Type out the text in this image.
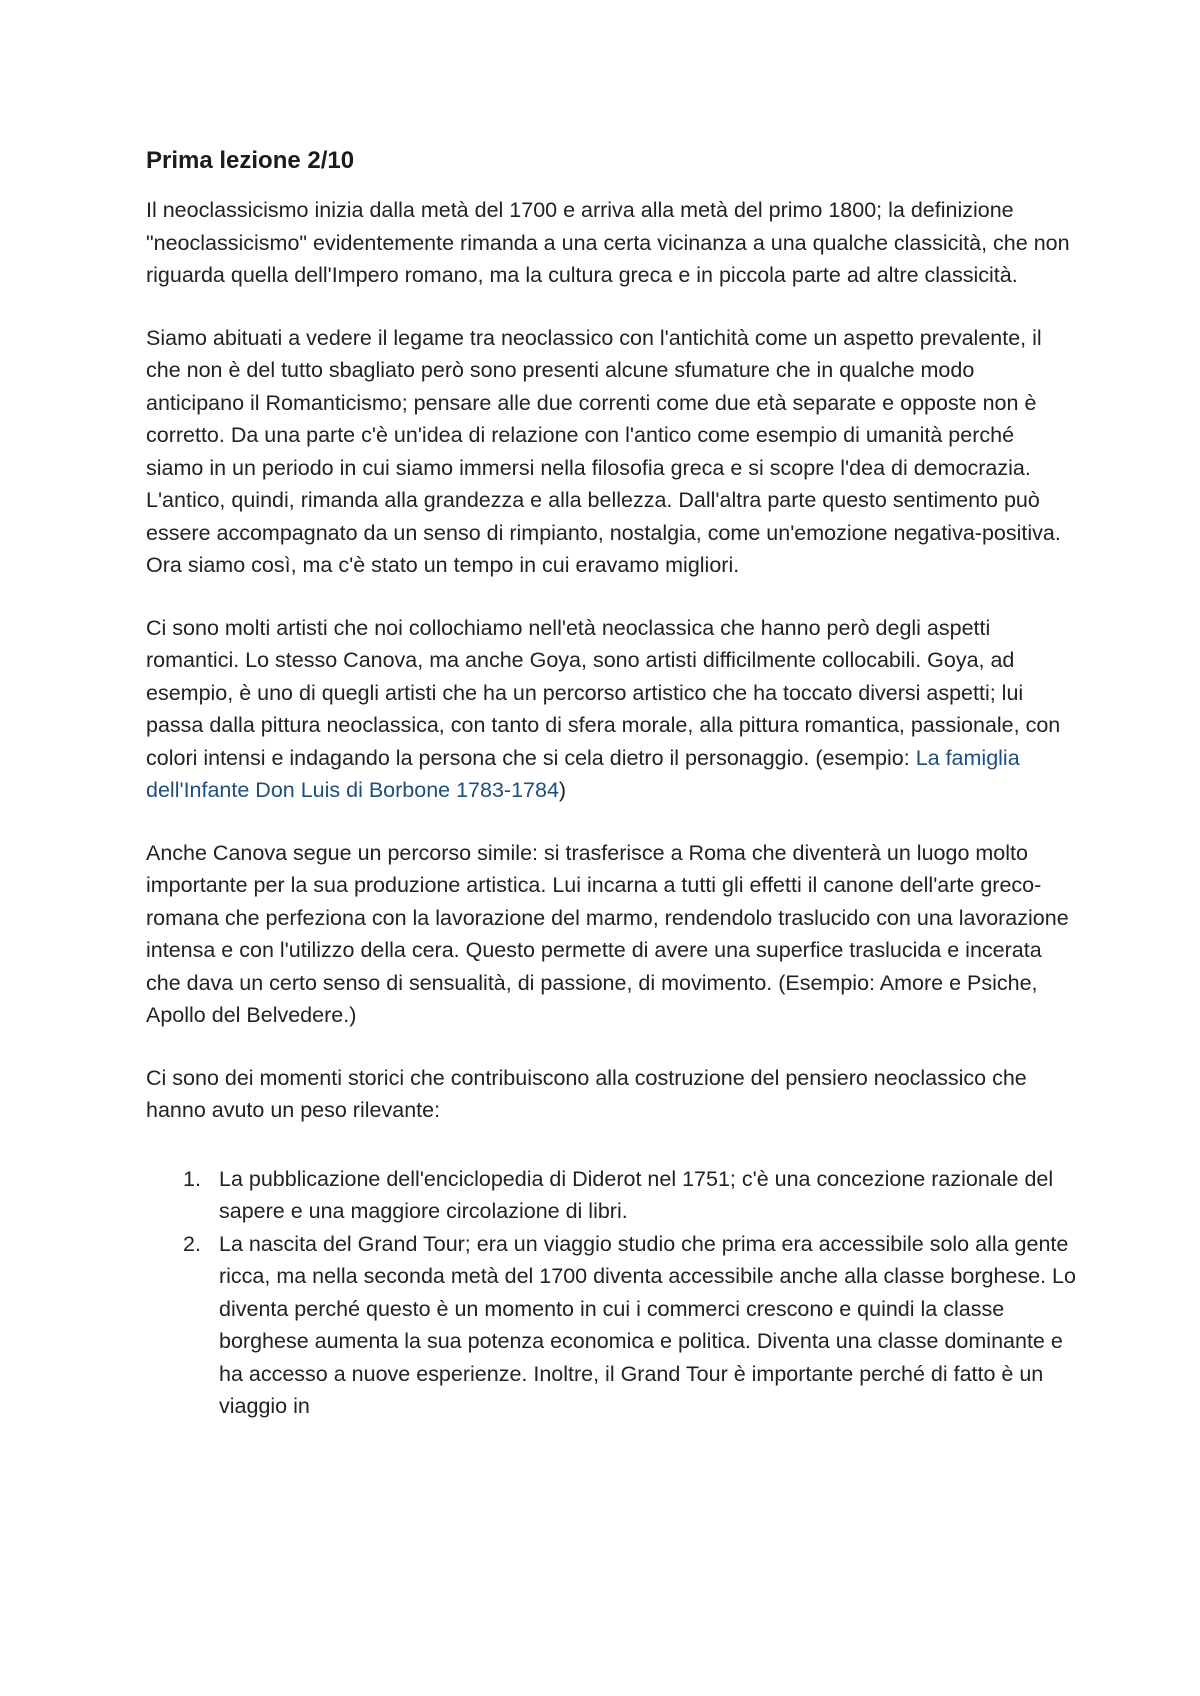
Prima lezione 2/10

Il neoclassicismo inizia dalla metà del 1700 e arriva alla metà del primo 1800; la definizione "neoclassicismo" evidentemente rimanda a una certa vicinanza a una qualche classicità, che non riguarda quella dell'Impero romano, ma la cultura greca e in piccola parte ad altre classicità.

Siamo abituati a vedere il legame tra neoclassico con l'antichità come un aspetto prevalente, il che non è del tutto sbagliato però sono presenti alcune sfumature che in qualche modo anticipano il Romanticismo; pensare alle due correnti come due età separate e opposte non è corretto. Da una parte c'è un'idea di relazione con l'antico come esempio di umanità perché siamo in un periodo in cui siamo immersi nella filosofia greca e si scopre l'dea di democrazia. L'antico, quindi, rimanda alla grandezza e alla bellezza. Dall'altra parte questo sentimento può essere accompagnato da un senso di rimpianto, nostalgia, come un'emozione negativa-positiva. Ora siamo così, ma c'è stato un tempo in cui eravamo migliori.

Ci sono molti artisti che noi collochiamo nell'età neoclassica che hanno però degli aspetti romantici. Lo stesso Canova, ma anche Goya, sono artisti difficilmente collocabili. Goya, ad esempio, è uno di quegli artisti che ha un percorso artistico che ha toccato diversi aspetti; lui passa dalla pittura neoclassica, con tanto di sfera morale, alla pittura romantica, passionale, con colori intensi e indagando la persona che si cela dietro il personaggio. (esempio: La famiglia dell'Infante Don Luis di Borbone 1783-1784)

Anche Canova segue un percorso simile: si trasferisce a Roma che diventerà un luogo molto importante per la sua produzione artistica. Lui incarna a tutti gli effetti il canone dell'arte greco-romana che perfeziona con la lavorazione del marmo, rendendolo traslucido con una lavorazione intensa e con l'utilizzo della cera. Questo permette di avere una superfice traslucida e incerata che dava un certo senso di sensualità, di passione, di movimento. (Esempio: Amore e Psiche, Apollo del Belvedere.)

Ci sono dei momenti storici che contribuiscono alla costruzione del pensiero neoclassico che hanno avuto un peso rilevante:

1. La pubblicazione dell'enciclopedia di Diderot nel 1751; c'è una concezione razionale del sapere e una maggiore circolazione di libri.
2. La nascita del Grand Tour; era un viaggio studio che prima era accessibile solo alla gente ricca, ma nella seconda metà del 1700 diventa accessibile anche alla classe borghese. Lo diventa perché questo è un momento in cui i commerci crescono e quindi la classe borghese aumenta la sua potenza economica e politica. Diventa una classe dominante e ha accesso a nuove esperienze. Inoltre, il Grand Tour è importante perché di fatto è un viaggio in
